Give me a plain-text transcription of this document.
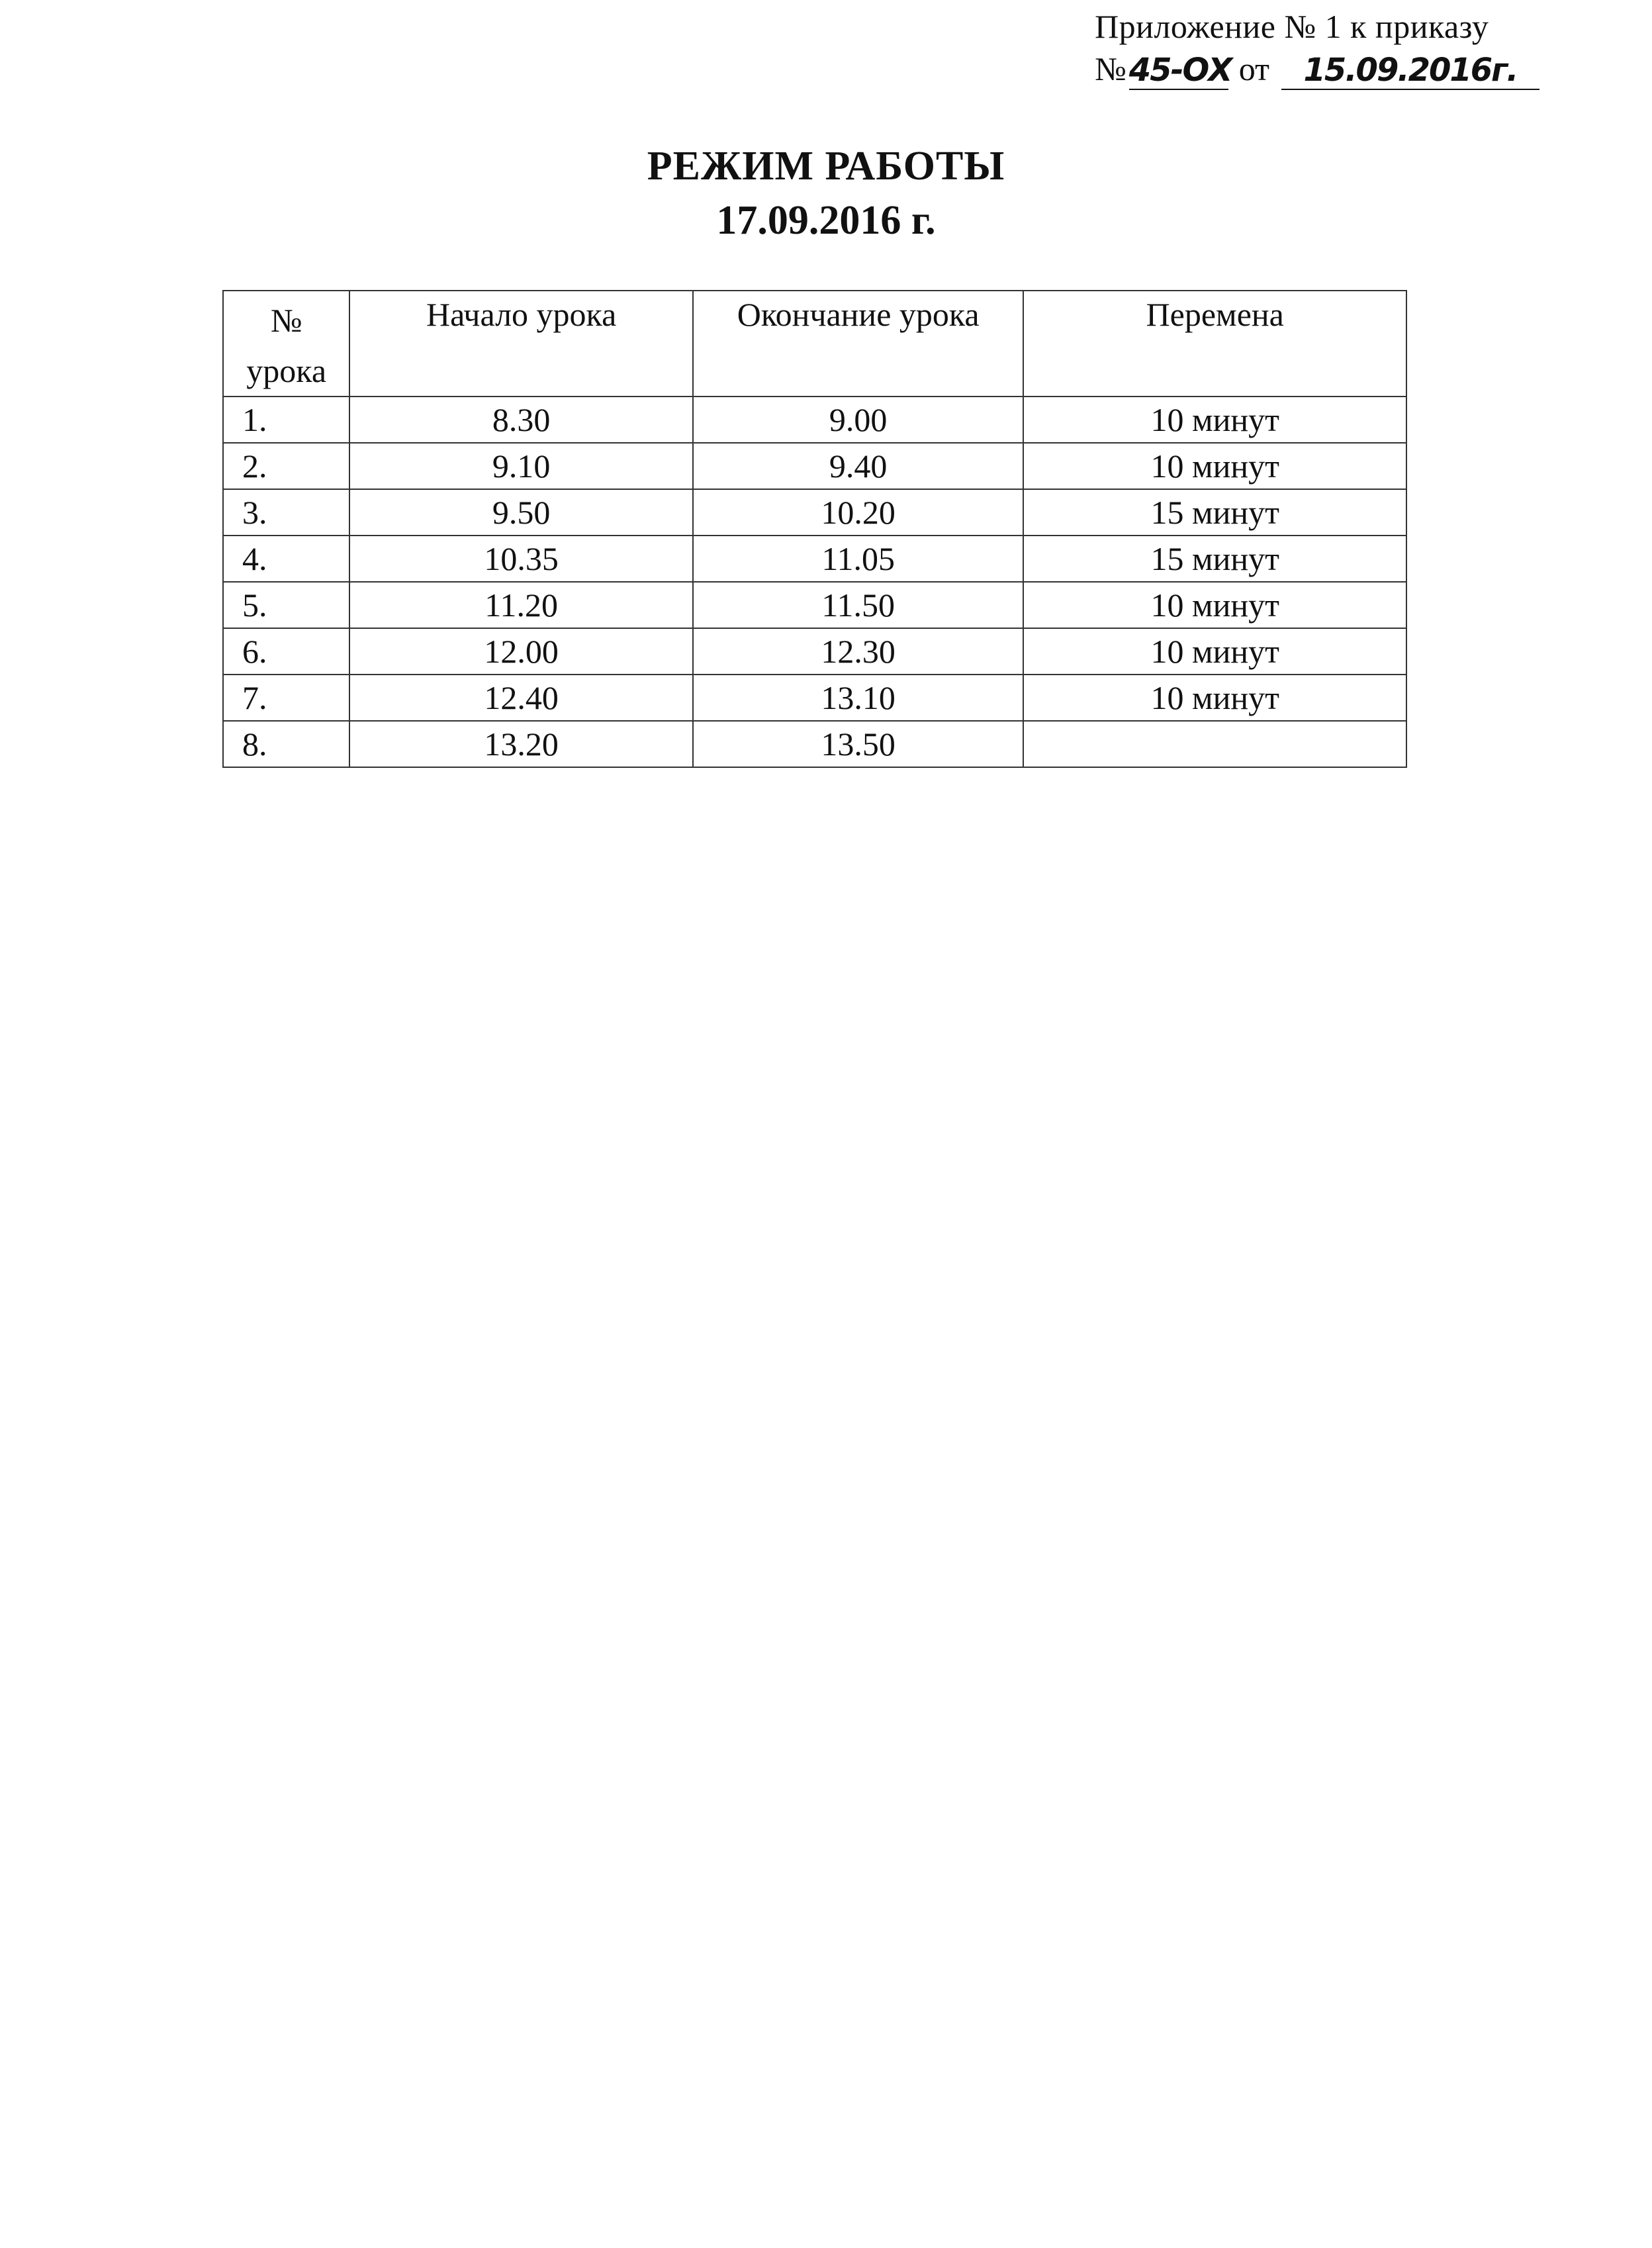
Приложение № 1 к приказу
№ 45-ОХ от	15.09.2016г.
РЕЖИМ РАБОТЫ
17.09.2016 г.
№
урока	Начало урока	Окончание урока	Перемена
1.	8.30	9.00	10 минут
2.	9.10	9.40	10 минут
3.	9.50	10.20	15 минут
4.	10.35	11.05	15 минут
5.	11.20	11.50	10 минут
6.	12.00	12.30	10 минут
7.	12.40	13.10	10 минут
8.	13.20	13.50	
